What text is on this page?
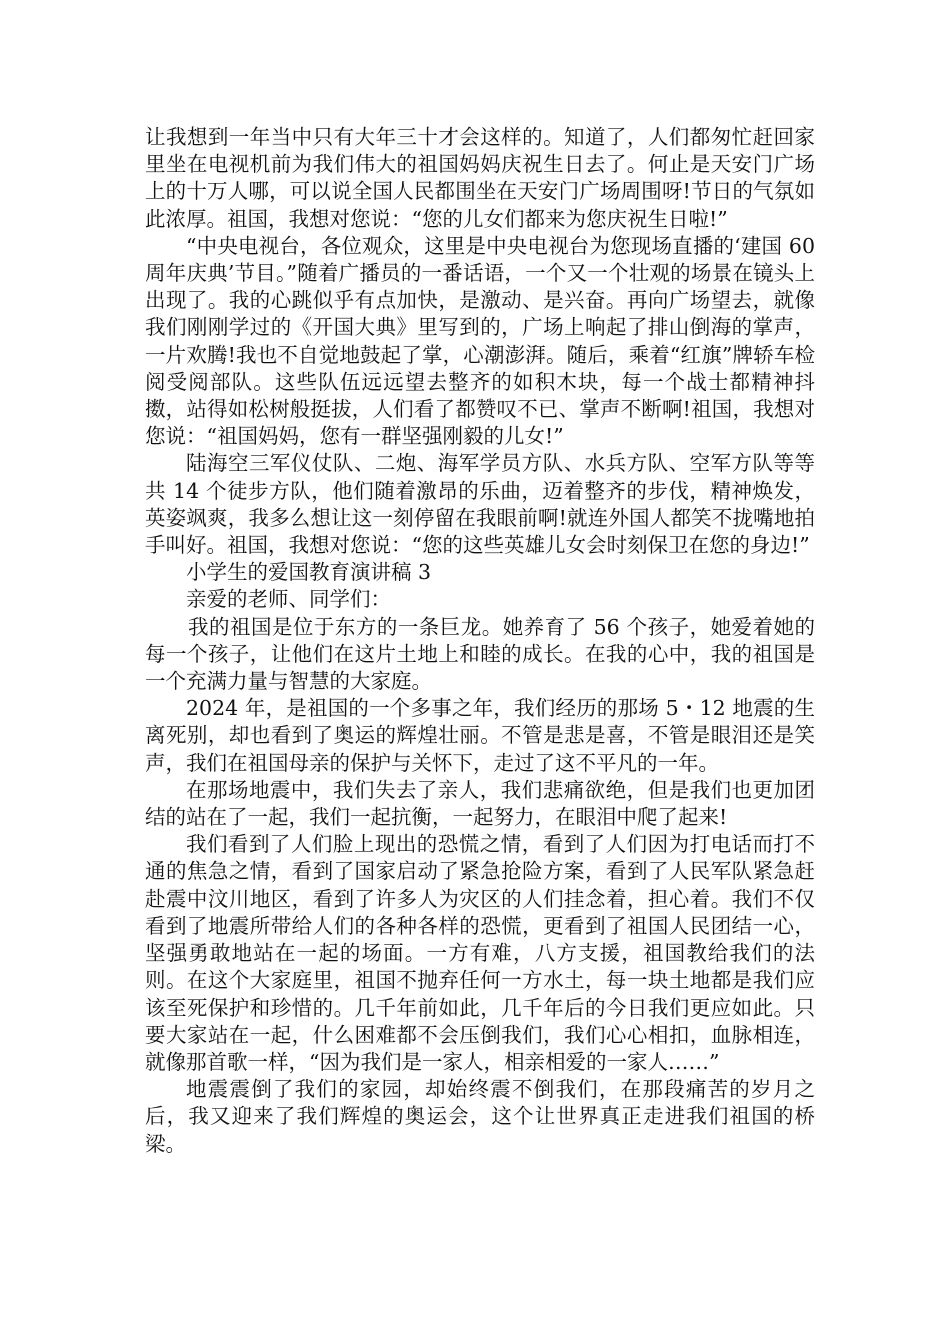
让我想到一年当中只有大年三十才会这样的。知道了，人们都匆忙赶回家里坐在电视机前为我们伟大的祖国妈妈庆祝生日去了。何止是天安门广场上的十万人哪，可以说全国人民都围坐在天安门广场周围呀!节日的气氛如此浓厚。祖国，我想对您说：“您的儿女们都来为您庆祝生日啦!”

“中央电视台，各位观众，这里是中央电视台为您现场直播的‘建国 60 周年庆典’节目。”随着广播员的一番话语，一个又一个壮观的场景在镜头上出现了。我的心跳似乎有点加快，是激动、是兴奋。再向广场望去，就像我们刚刚学过的《开国大典》里写到的，广场上响起了排山倒海的掌声，一片欢腾!我也不自觉地鼓起了掌，心潮澎湃。随后，乘着“红旗”牌轿车检阅受阅部队。这些队伍远远望去整齐的如积木块，每一个战士都精神抖擞，站得如松树般挺拔，人们看了都赞叹不已、掌声不断啊!祖国，我想对您说：“祖国妈妈，您有一群坚强刚毅的儿女!”

陆海空三军仪仗队、二炮、海军学员方队、水兵方队、空军方队等等共 14 个徒步方队，他们随着激昂的乐曲，迈着整齐的步伐，精神焕发，英姿飒爽，我多么想让这一刻停留在我眼前啊!就连外国人都笑不拢嘴地拍手叫好。祖国，我想对您说：“您的这些英雄儿女会时刻保卫在您的身边!”

小学生的爱国教育演讲稿 3

亲爱的老师、同学们：

我的祖国是位于东方的一条巨龙。她养育了 56 个孩子，她爱着她的每一个孩子，让他们在这片土地上和睦的成长。在我的心中，我的祖国是一个充满力量与智慧的大家庭。

2024 年，是祖国的一个多事之年，我们经历的那场 5・12 地震的生离死别，却也看到了奥运的辉煌壮丽。不管是悲是喜，不管是眼泪还是笑声，我们在祖国母亲的保护与关怀下，走过了这不平凡的一年。

在那场地震中，我们失去了亲人，我们悲痛欲绝，但是我们也更加团结的站在了一起，我们一起抗衡，一起努力，在眼泪中爬了起来!

我们看到了人们脸上现出的恐慌之情，看到了人们因为打电话而打不通的焦急之情，看到了国家启动了紧急抢险方案，看到了人民军队紧急赶赴震中汶川地区，看到了许多人为灾区的人们挂念着，担心着。我们不仅看到了地震所带给人们的各种各样的恐慌，更看到了祖国人民团结一心，坚强勇敢地站在一起的场面。一方有难，八方支援，祖国教给我们的法则。在这个大家庭里，祖国不抛弃任何一方水土，每一块土地都是我们应该至死保护和珍惜的。几千年前如此，几千年后的今日我们更应如此。只要大家站在一起，什么困难都不会压倒我们，我们心心相扣，血脉相连，就像那首歌一样，“因为我们是一家人，相亲相爱的一家人……”

地震震倒了我们的家园，却始终震不倒我们，在那段痛苦的岁月之后，我又迎来了我们辉煌的奥运会，这个让世界真正走进我们祖国的桥梁。
